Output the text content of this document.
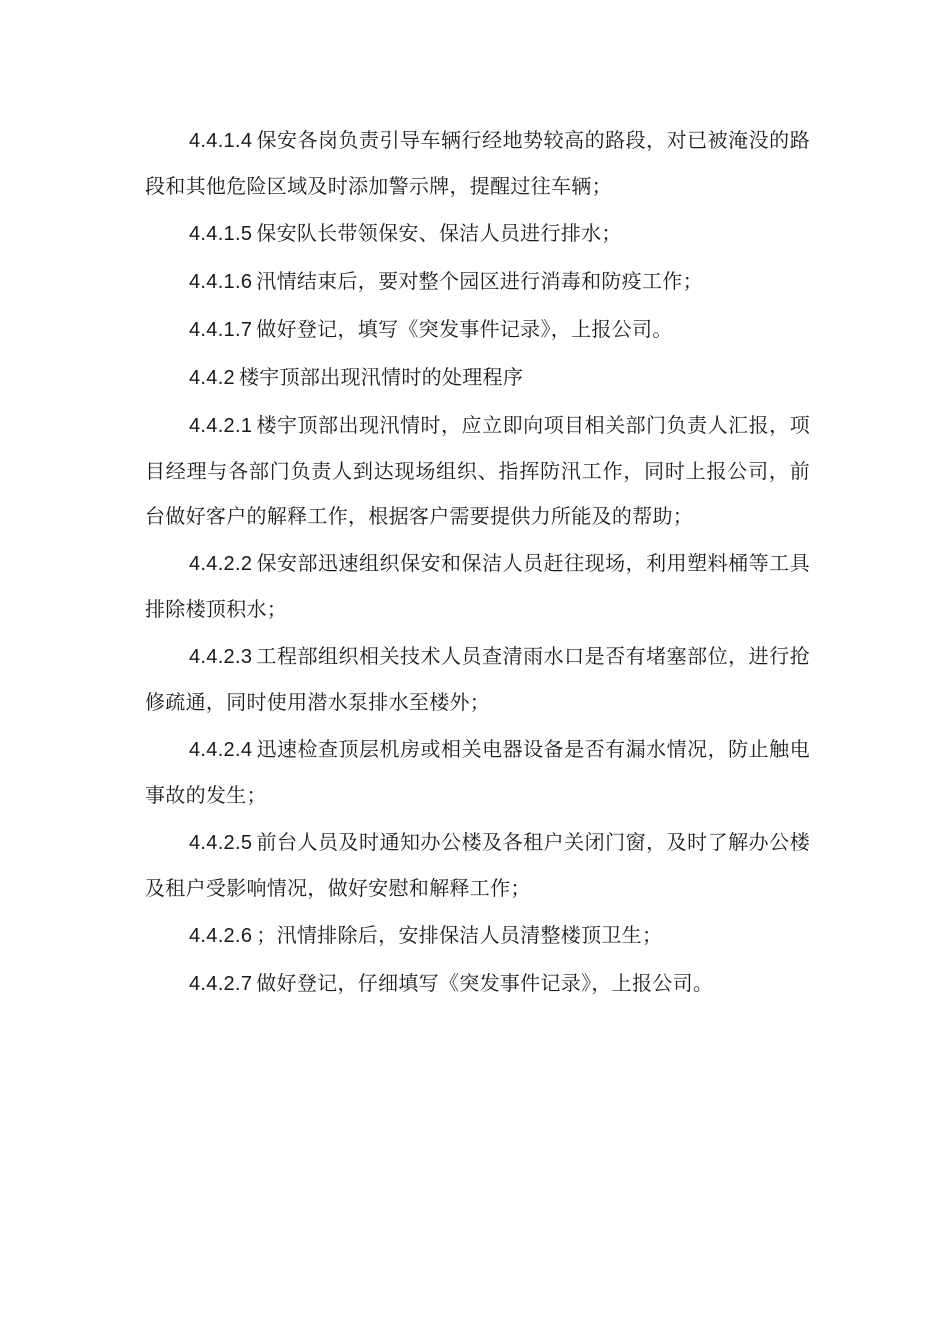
4.4.1.4 保安各岗负责引导车辆行经地势较高的路段，对已被淹没的路段和其他危险区域及时添加警示牌，提醒过往车辆；

4.4.1.5 保安队长带领保安、保洁人员进行排水；

4.4.1.6 汛情结束后，要对整个园区进行消毒和防疫工作；

4.4.1.7 做好登记，填写《突发事件记录》，上报公司。

4.4.2 楼宇顶部出现汛情时的处理程序

4.4.2.1 楼宇顶部出现汛情时，应立即向项目相关部门负责人汇报，项目经理与各部门负责人到达现场组织、指挥防汛工作，同时上报公司，前台做好客户的解释工作，根据客户需要提供力所能及的帮助；

4.4.2.2 保安部迅速组织保安和保洁人员赶往现场，利用塑料桶等工具排除楼顶积水；

4.4.2.3 工程部组织相关技术人员查清雨水口是否有堵塞部位，进行抢修疏通，同时使用潜水泵排水至楼外；

4.4.2.4 迅速检查顶层机房或相关电器设备是否有漏水情况，防止触电事故的发生；

4.4.2.5 前台人员及时通知办公楼及各租户关闭门窗，及时了解办公楼及租户受影响情况，做好安慰和解释工作；

4.4.2.6 ；汛情排除后，安排保洁人员清整楼顶卫生；

4.4.2.7 做好登记，仔细填写《突发事件记录》，上报公司。
